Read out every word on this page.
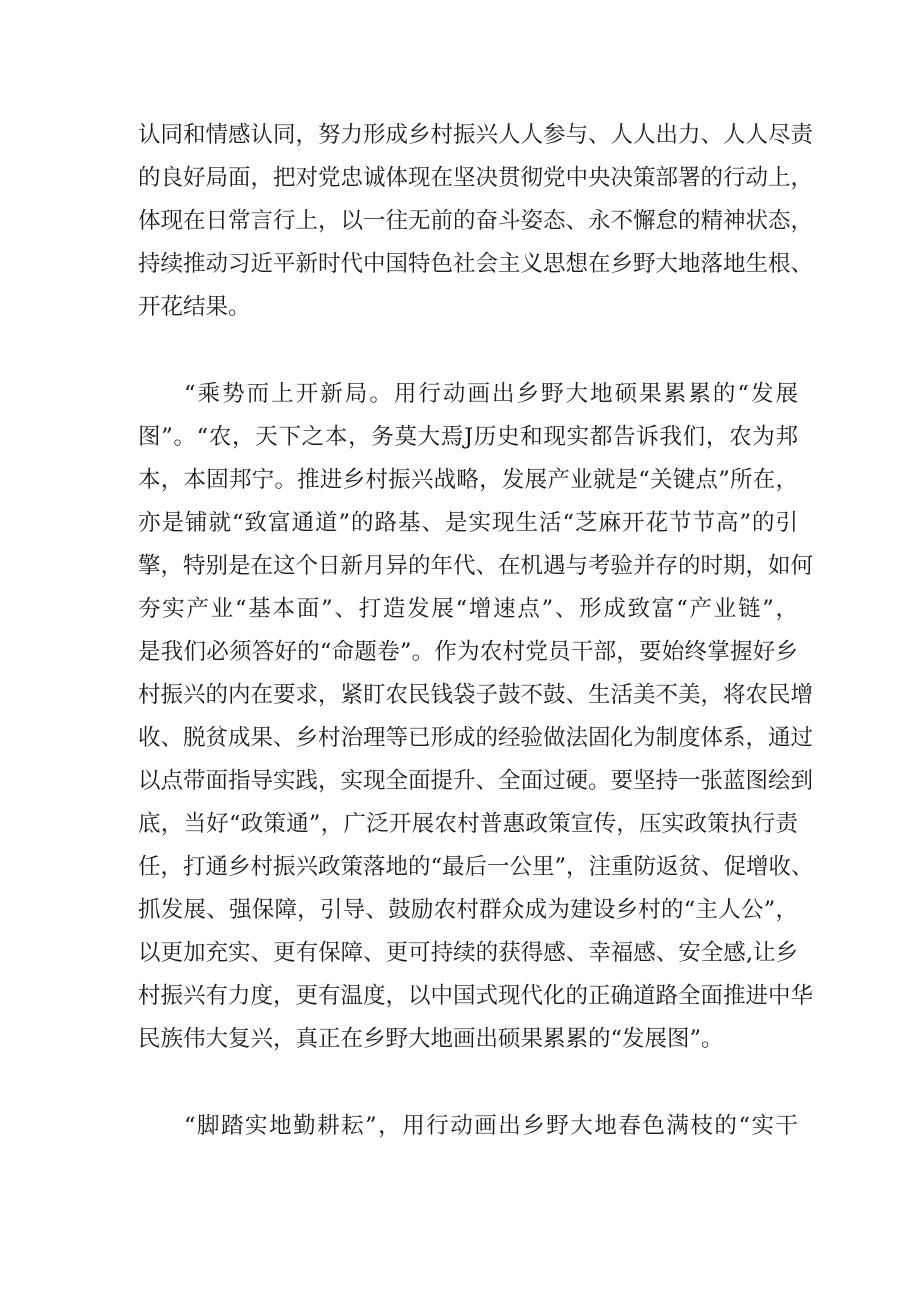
认同和情感认同，努力形成乡村振兴人人参与、人人出力、人人尽责
的良好局面，把对党忠诚体现在坚决贯彻党中央决策部署的行动上，
体现在日常言行上，以一往无前的奋斗姿态、永不懈怠的精神状态，
持续推动习近平新时代中国特色社会主义思想在乡野大地落地生根、
开花结果。
“乘势而上开新局。用行动画出乡野大地硕果累累的“发展
图”。“农，天下之本，务莫大焉J历史和现实都告诉我们，农为邦
本，本固邦宁。推进乡村振兴战略，发展产业就是“关键点”所在，
亦是铺就“致富通道”的路基、是实现生活“芝麻开花节节高”的引
擎，特别是在这个日新月异的年代、在机遇与考验并存的时期，如何
夯实产业“基本面”、打造发展“增速点”、形成致富“产业链”，
是我们必须答好的“命题卷”。作为农村党员干部，要始终掌握好乡
村振兴的内在要求，紧盯农民钱袋子鼓不鼓、生活美不美，将农民增
收、脱贫成果、乡村治理等已形成的经验做法固化为制度体系，通过
以点带面指导实践，实现全面提升、全面过硬。要坚持一张蓝图绘到
底，当好“政策通”，广泛开展农村普惠政策宣传，压实政策执行责
任，打通乡村振兴政策落地的“最后一公里”，注重防返贫、促增收、
抓发展、强保障，引导、鼓励农村群众成为建设乡村的“主人公”，
以更加充实、更有保障、更可持续的获得感、幸福感、安全感,让乡
村振兴有力度，更有温度，以中国式现代化的正确道路全面推进中华
民族伟大复兴，真正在乡野大地画出硕果累累的“发展图”。
“脚踏实地勤耕耘”，用行动画出乡野大地春色满枝的“实干
